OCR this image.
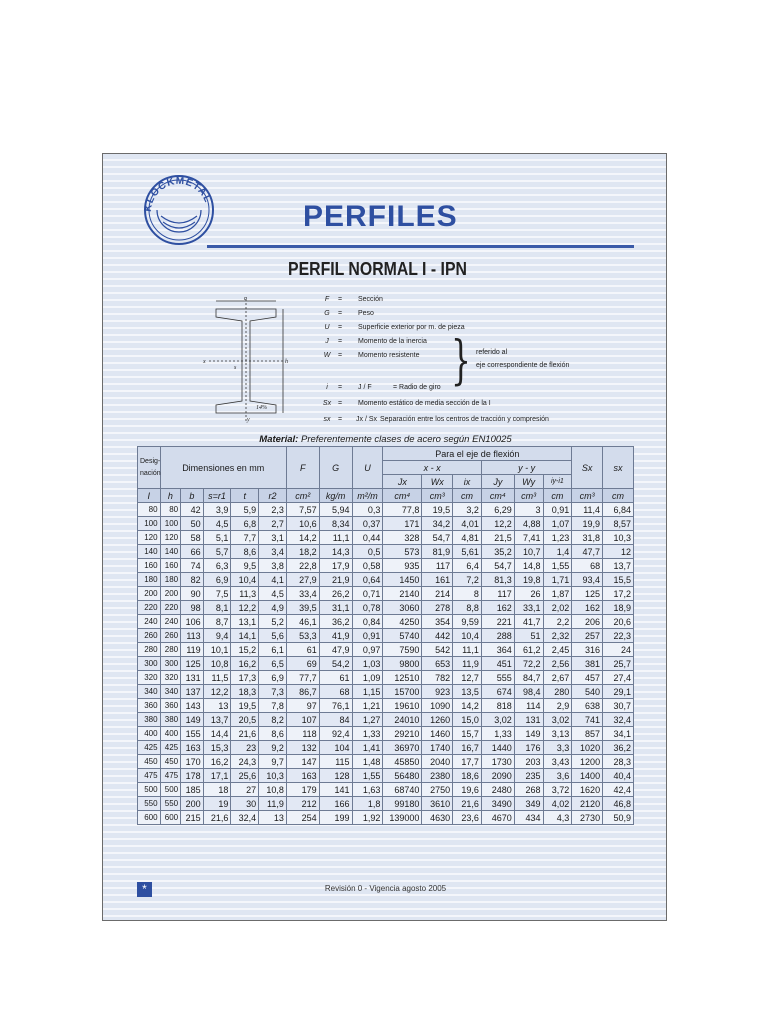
KLOCKMETAL
PERFILES
PERFIL NORMAL I - IPN
b
h
x
y
s
14%
F	= Sección
G	= Peso
U	= Superficie exterior por m. de pieza
J	= Momento de la inercia
W	= Momento resistente } referido al
eje correspondiente de flexión
i	= J / F	= Radio de giro
Sx = Momento estático de media sección de la I
sx	= Jx / Sx Separación entre los centros de tracción y compresión
Material: Preferentemente clases de acero según EN10025
Desig-
nación	Dimensiones en mm					F	G	U	Para el eje de flexión						Sx	sx
									x - x			y - y				
									Jx	Wx	ix	Jy	Wy	iy-i1		
I	h	b	s=r1	t	r2	cm²	kg/m	m²/m	cm⁴	cm³	cm	cm⁴	cm³	cm	cm³	cm
80	80	42	3,9	5,9	2,3	7,57	5,94	0,3	77,8	19,5	3,2	6,29	3	0,91	11,4	6,84
100	100	50	4,5	6,8	2,7	10,6	8,34	0,37	171	34,2	4,01	12,2	4,88	1,07	19,9	8,57
120	120	58	5,1	7,7	3,1	14,2	11,1	0,44	328	54,7	4,81	21,5	7,41	1,23	31,8	10,3
140	140	66	5,7	8,6	3,4	18,2	14,3	0,5	573	81,9	5,61	35,2	10,7	1,4	47,7	12
160	160	74	6,3	9,5	3,8	22,8	17,9	0,58	935	117	6,4	54,7	14,8	1,55	68	13,7
180	180	82	6,9	10,4	4,1	27,9	21,9	0,64	1450	161	7,2	81,3	19,8	1,71	93,4	15,5
200	200	90	7,5	11,3	4,5	33,4	26,2	0,71	2140	214	8	117	26	1,87	125	17,2
220	220	98	8,1	12,2	4,9	39,5	31,1	0,78	3060	278	8,8	162	33,1	2,02	162	18,9
240	240	106	8,7	13,1	5,2	46,1	36,2	0,84	4250	354	9,59	221	41,7	2,2	206	20,6
260	260	113	9,4	14,1	5,6	53,3	41,9	0,91	5740	442	10,4	288	51	2,32	257	22,3
280	280	119	10,1	15,2	6,1	61	47,9	0,97	7590	542	11,1	364	61,2	2,45	316	24
300	300	125	10,8	16,2	6,5	69	54,2	1,03	9800	653	11,9	451	72,2	2,56	381	25,7
320	320	131	11,5	17,3	6,9	77,7	61	1,09	12510	782	12,7	555	84,7	2,67	457	27,4
340	340	137	12,2	18,3	7,3	86,7	68	1,15	15700	923	13,5	674	98,4	280	540	29,1
360	360	143	13	19,5	7,8	97	76,1	1,21	19610	1090	14,2	818	114	2,9	638	30,7
380	380	149	13,7	20,5	8,2	107	84	1,27	24010	1260	15,0	3,02	131	3,02	741	32,4
400	400	155	14,4	21,6	8,6	118	92,4	1,33	29210	1460	15,7	1,33	149	3,13	857	34,1
425	425	163	15,3	23	9,2	132	104	1,41	36970	1740	16,7	1440	176	3,3	1020	36,2
450	450	170	16,2	24,3	9,7	147	115	1,48	45850	2040	17,7	1730	203	3,43	1200	28,3
475	475	178	17,1	25,6	10,3	163	128	1,55	56480	2380	18,6	2090	235	3,6	1400	40,4
500	500	185	18	27	10,8	179	141	1,63	68740	2750	19,6	2480	268	3,72	1620	42,4
550	550	200	19	30	11,9	212	166	1,8	99180	3610	21,6	3490	349	4,02	2120	46,8
600	600	215	21,6	32,4	13	254	199	1,92	139000	4630	23,6	4670	434	4,3	2730	50,9
*	Revisión 0 - Vigencia agosto 2005
